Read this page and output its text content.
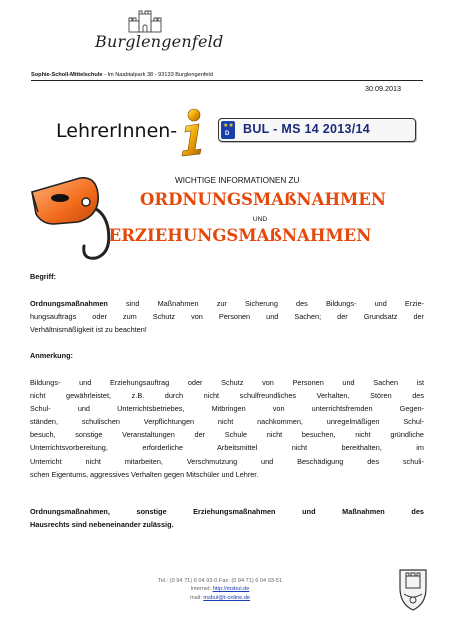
Burglengenfeld
Sophie-Scholl-Mittelschule - Im Naabtalpark 38 - 93133 Burglengenfeld
30.09.2013
LehrerInnen-	★★
D BUL - MS 14 2013/14
WICHTIGE INFORMATIONEN ZU
ORDNUNGSMAßNAHMEN
UND
ERZIEHUNGSMAßNAHMEN
Begriff:
Ordnungsmaßnahmen sind Maßnahmen zur Sicherung des Bildungs- und Erzie-
hungsauftrags oder zum Schutz von Personen und Sachen; der Grundsatz der
Verhältnismäßigkeit ist zu beachten!
Anmerkung:
Bildungs- und Erziehungsauftrag oder Schutz von Personen und Sachen ist
nicht gewährleistet, z.B. durch nicht schulfreundliches Verhalten, Stören des
Schul- und Unterrichtsbetriebes, Mitbringen von unterrichtsfremden Gegen-
ständen, schulischen Verpflichtungen nicht nachkommen, unregelmäßigen Schul-
besuch, sonstige Veranstaltungen der Schule nicht besuchen, nicht gründliche
Unterrichtsvorbereitung, erforderliche Arbeitsmittel nicht bereithalten, im
Unterricht nicht mitarbeiten, Verschmutzung und Beschädigung des schuli-
schen Eigentums, aggressives Verhalten gegen Mitschüler und Lehrer.
Ordnungsmaßnahmen, sonstige Erziehungsmaßnahmen und Maßnahmen des
Hausrechts sind nebeneinander zulässig.
Tel.: (0 94 71) 6 04 93-0 Fax: (0 94 71) 6 04 93-51
Internet: http://msbul.de
mail: msbul@t-online.de
